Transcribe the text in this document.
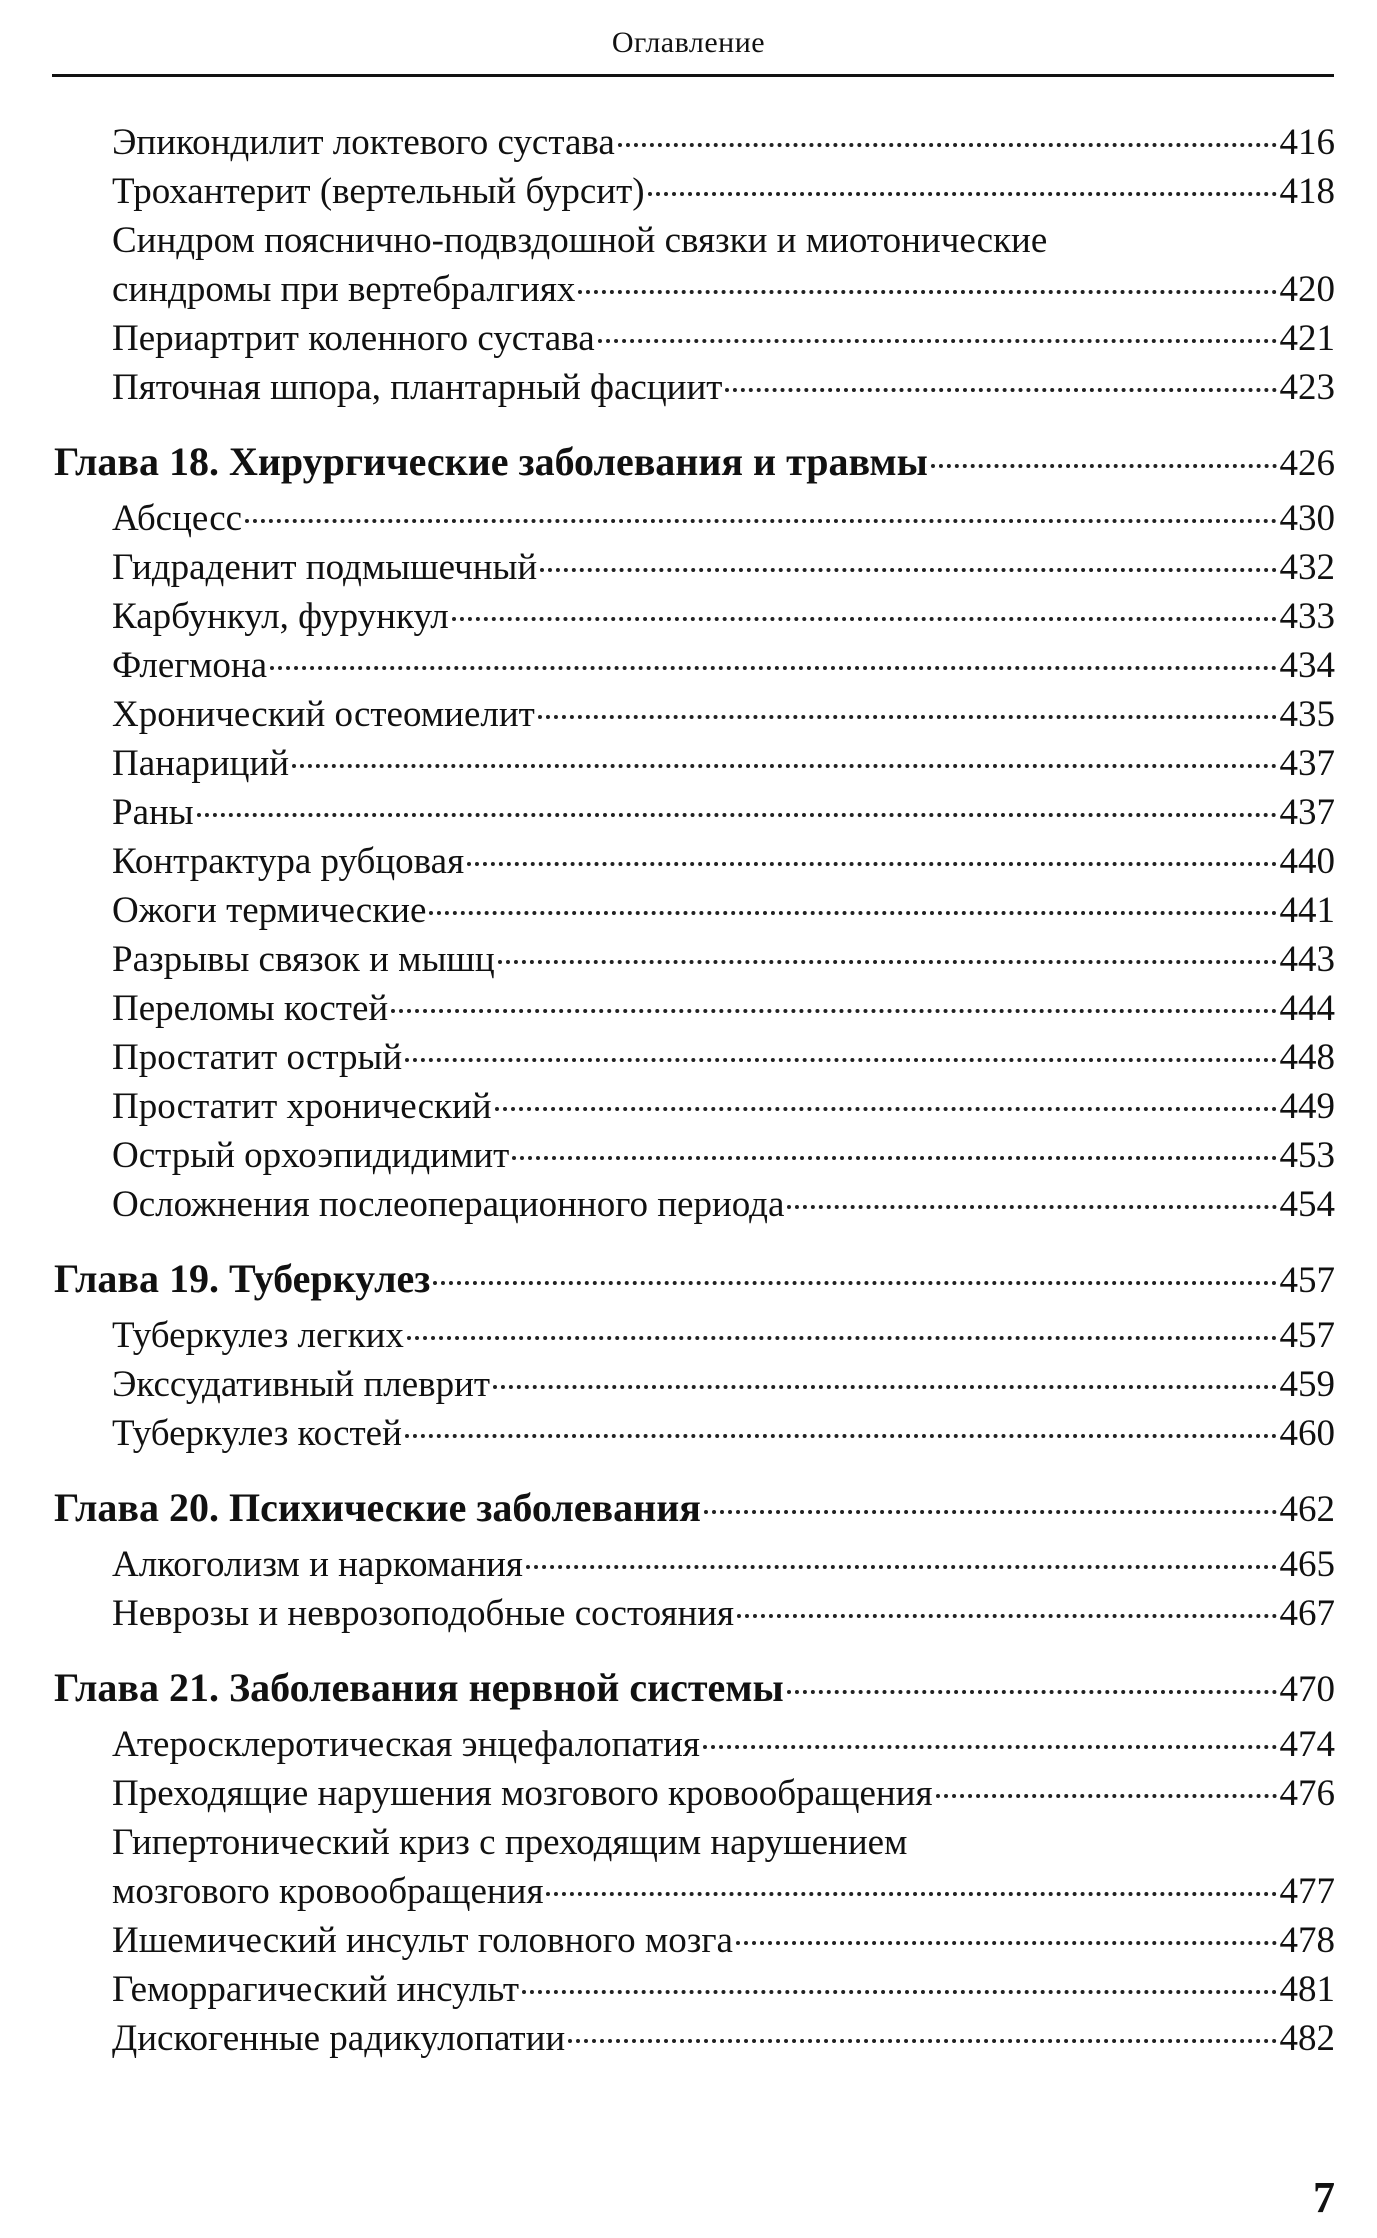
Оглавление
Эпикондилит локтевого сустава	416
Трохантерит (вертельный бурсит)	418
Синдром пояснично-подвздошной связки и миотонические
синдромы при вертебралгиях	420
Периартрит коленного сустава	421
Пяточная шпора, плантарный фасциит	423
Глава 18. Хирургические заболевания и травмы	426
Абсцесс	430
Гидраденит подмышечный	432
Карбункул, фурункул	433
Флегмона	434
Хронический остеомиелит	435
Панариций	437
Раны	437
Контрактура рубцовая	440
Ожоги термические	441
Разрывы связок и мышц	443
Переломы костей	444
Простатит острый	448
Простатит хронический	449
Острый орхоэпидидимит	453
Осложнения послеоперационного периода	454
Глава 19. Туберкулез	457
Туберкулез легких	457
Экссудативный плеврит	459
Туберкулез костей	460
Глава 20. Психические заболевания	462
Алкоголизм и наркомания	465
Неврозы и неврозоподобные состояния	467
Глава 21. Заболевания нервной системы	470
Атеросклеротическая энцефалопатия	474
Преходящие нарушения мозгового кровообращения	476
Гипертонический криз с преходящим нарушением
мозгового кровообращения	477
Ишемический инсульт головного мозга	478
Геморрагический инсульт	481
Дискогенные радикулопатии	482
7
